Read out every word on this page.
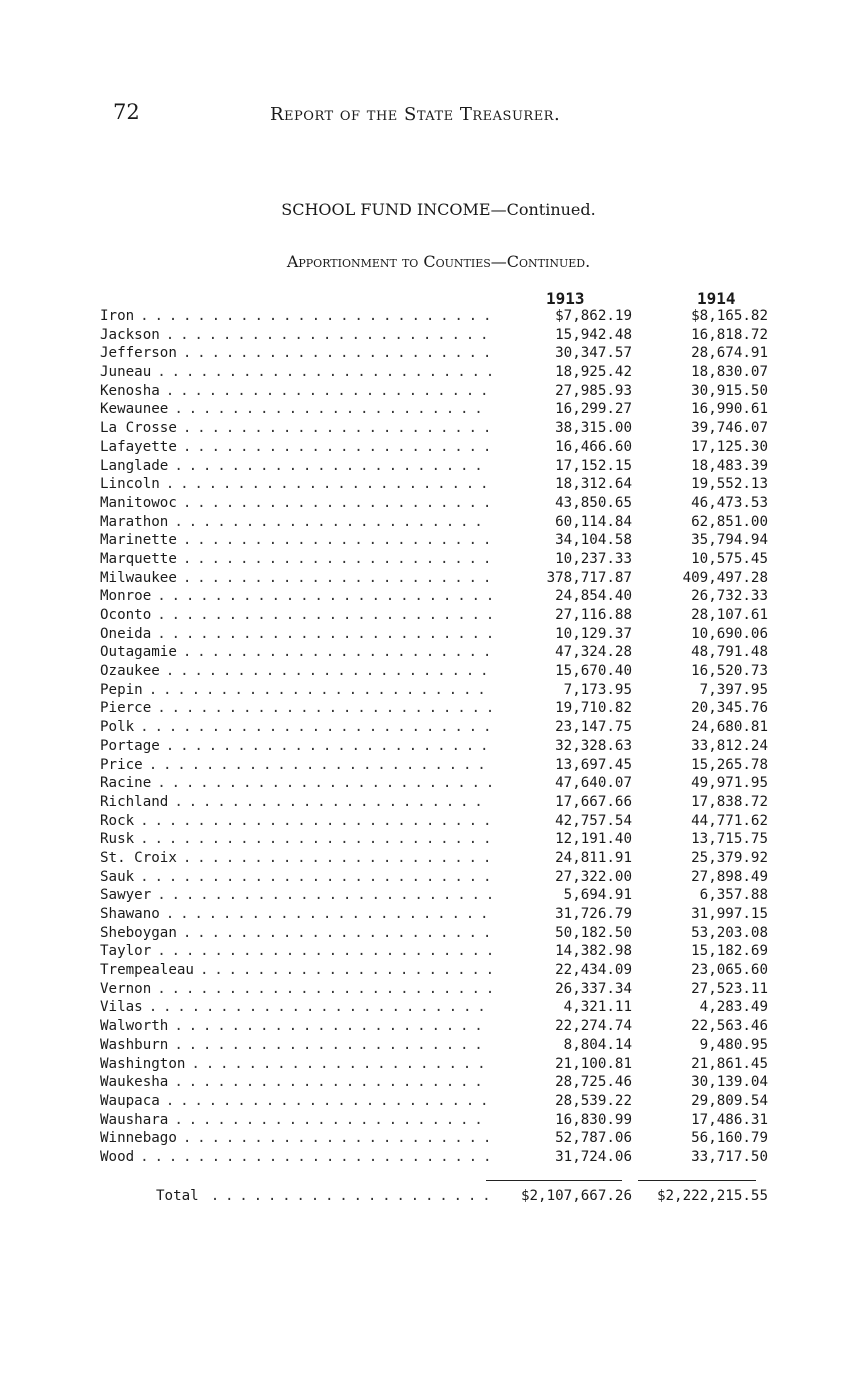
72	Report of the State Treasurer.
SCHOOL FUND INCOME—Continued.
Apportionment to Counties—Continued.
1913	1914
Iron . . .	$7,862.19	$8,165.82
Jackson . . .	15,942.48	16,818.72
Jefferson . . .	30,347.57	28,674.91
Juneau . . .	18,925.42	18,830.07
Kenosha . . .	27,985.93	30,915.50
Kewaunee . . .	16,299.27	16,990.61
La Crosse . . .	38,315.00	39,746.07
Lafayette . . .	16,466.60	17,125.30
Langlade . . .	17,152.15	18,483.39
Lincoln . . .	18,312.64	19,552.13
Manitowoc . . .	43,850.65	46,473.53
Marathon . . .	60,114.84	62,851.00
Marinette . . .	34,104.58	35,794.94
Marquette . . .	10,237.33	10,575.45
Milwaukee . . .	378,717.87	409,497.28
Monroe . . .	24,854.40	26,732.33
Oconto . . .	27,116.88	28,107.61
Oneida . . .	10,129.37	10,690.06
Outagamie . . .	47,324.28	48,791.48
Ozaukee . . .	15,670.40	16,520.73
Pepin . . .	7,173.95	7,397.95
Pierce . . .	19,710.82	20,345.76
Polk . . .	23,147.75	24,680.81
Portage . . .	32,328.63	33,812.24
Price . . .	13,697.45	15,265.78
Racine . . .	47,640.07	49,971.95
Richland . . .	17,667.66	17,838.72
Rock . . .	42,757.54	44,771.62
Rusk . . .	12,191.40	13,715.75
St. Croix . . .	24,811.91	25,379.92
Sauk . . .	27,322.00	27,898.49
Sawyer . . .	5,694.91	6,357.88
Shawano . . .	31,726.79	31,997.15
Sheboygan . . .	50,182.50	53,203.08
Taylor . . .	14,382.98	15,182.69
Trempealeau . . .	22,434.09	23,065.60
Vernon . . .	26,337.34	27,523.11
Vilas . . .	4,321.11	4,283.49
Walworth . . .	22,274.74	22,563.46
Washburn . . .	8,804.14	9,480.95
Washington . . .	21,100.81	21,861.45
Waukesha . . .	28,725.46	30,139.04
Waupaca . . .	28,539.22	29,809.54
Waushara . . .	16,830.99	17,486.31
Winnebago . . .	52,787.06	56,160.79
Wood . . .	31,724.06	33,717.50
Total . . .	$2,107,667.26	$2,222,215.55
